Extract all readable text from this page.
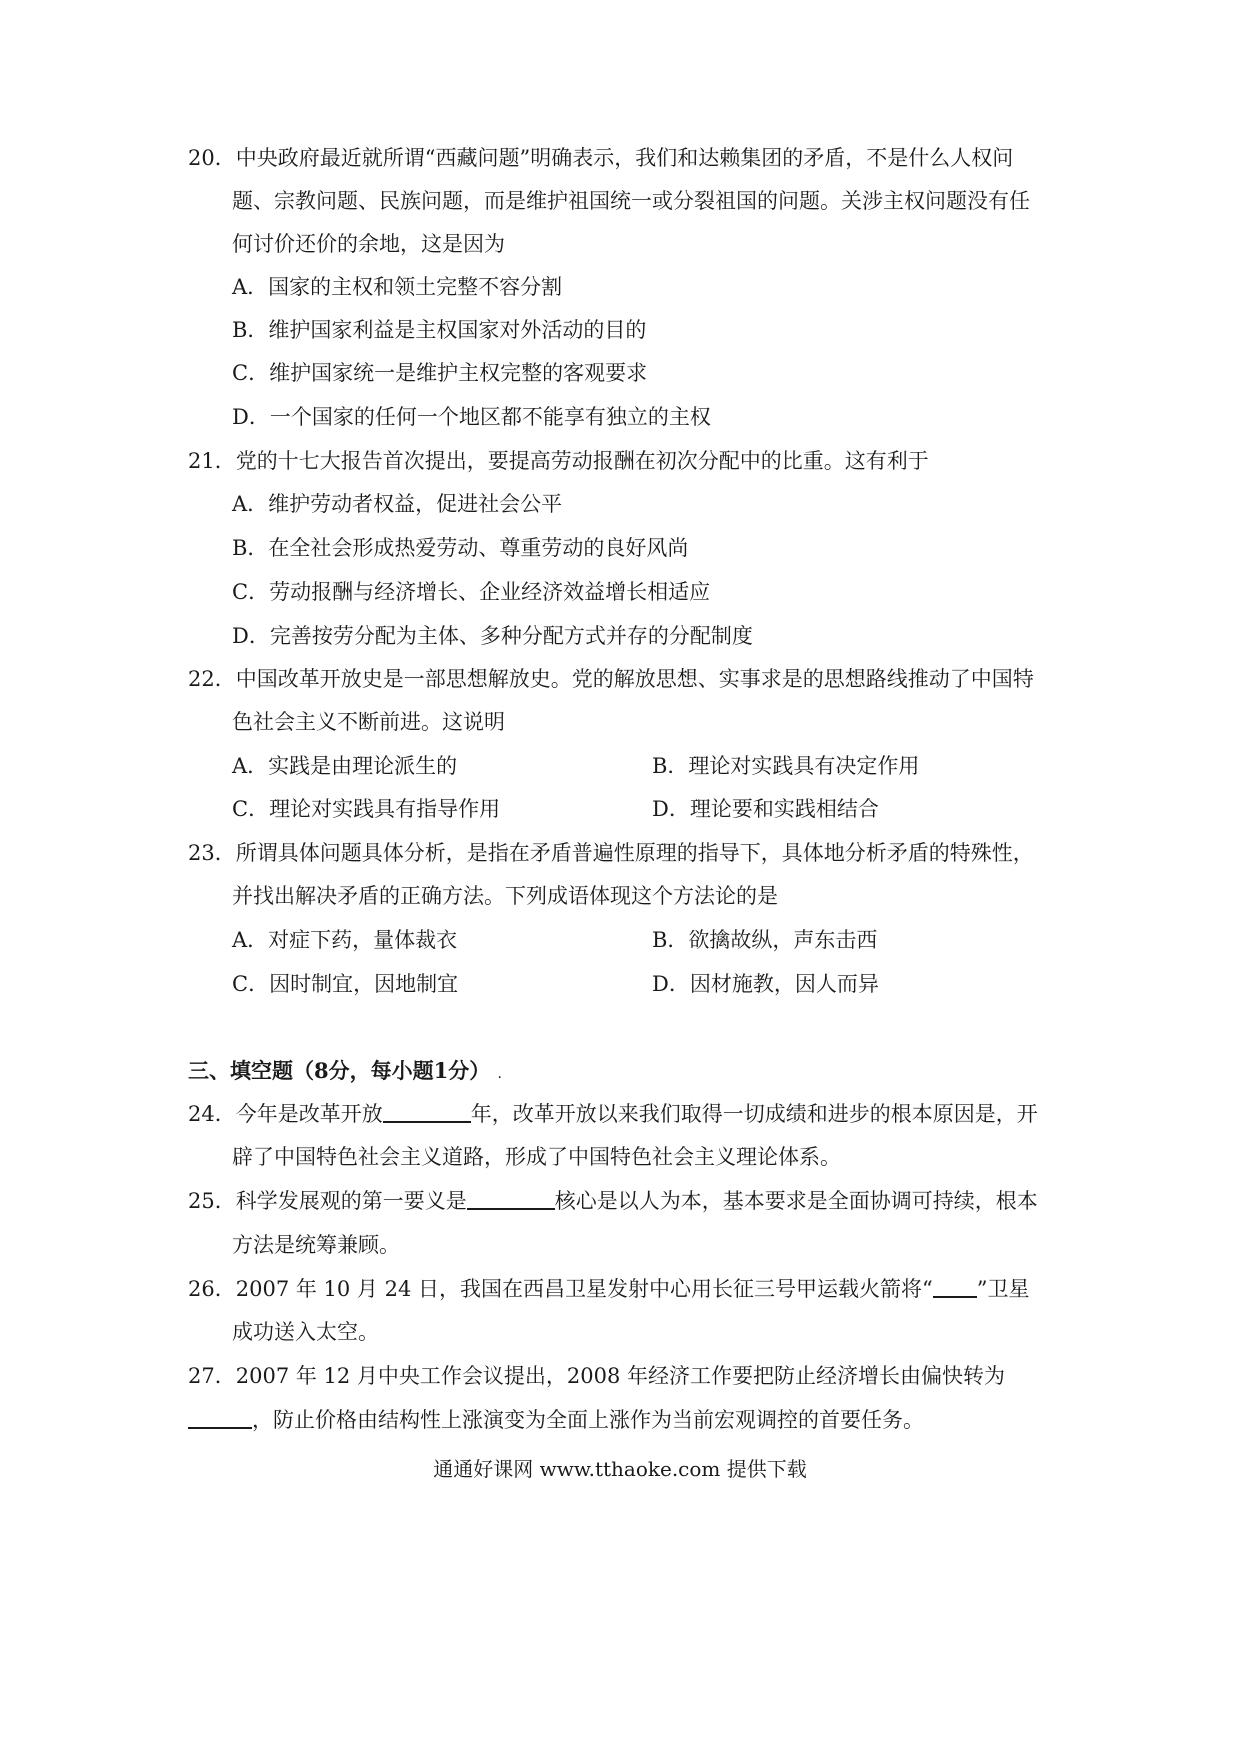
20．中央政府最近就所谓“西藏问题”明确表示，我们和达赖集团的矛盾，不是什么人权问
题、宗教问题、民族问题，而是维护祖国统一或分裂祖国的问题。关涉主权问题没有任
何讨价还价的余地，这是因为
A．国家的主权和领土完整不容分割
B．维护国家利益是主权国家对外活动的目的
C．维护国家统一是维护主权完整的客观要求
D．一个国家的任何一个地区都不能享有独立的主权
21．党的十七大报告首次提出，要提高劳动报酬在初次分配中的比重。这有利于
A．维护劳动者权益，促进社会公平
B．在全社会形成热爱劳动、尊重劳动的良好风尚
C．劳动报酬与经济增长、企业经济效益增长相适应
D．完善按劳分配为主体、多种分配方式并存的分配制度
22．中国改革开放史是一部思想解放史。党的解放思想、实事求是的思想路线推动了中国特
色社会主义不断前进。这说明
A．实践是由理论派生的	B．理论对实践具有决定作用
C．理论对实践具有指导作用	D．理论要和实践相结合
23．所谓具体问题具体分析，是指在矛盾普遍性原理的指导下，具体地分析矛盾的特殊性，
并找出解决矛盾的正确方法。下列成语体现这个方法论的是
A．对症下药，量体裁衣	B．欲擒故纵，声东击西
C．因时制宜，因地制宜	D．因材施教，因人而异
三、填空题（8分，每小题1分） .
24．今年是改革开放	年，改革开放以来我们取得一切成绩和进步的根本原因是，开
辟了中国特色社会主义道路，形成了中国特色社会主义理论体系。
25．科学发展观的第一要义是	核心是以人为本，基本要求是全面协调可持续，根本
方法是统筹兼顾。
26．2007 年 10 月 24 日，我国在西昌卫星发射中心用长征三号甲运载火箭将“ ”卫星
成功送入太空。
27．2007 年 12 月中央工作会议提出，2008 年经济工作要把防止经济增长由偏快转为
，防止价格由结构性上涨演变为全面上涨作为当前宏观调控的首要任务。
通通好课网 www.tthaoke.com 提供下载
